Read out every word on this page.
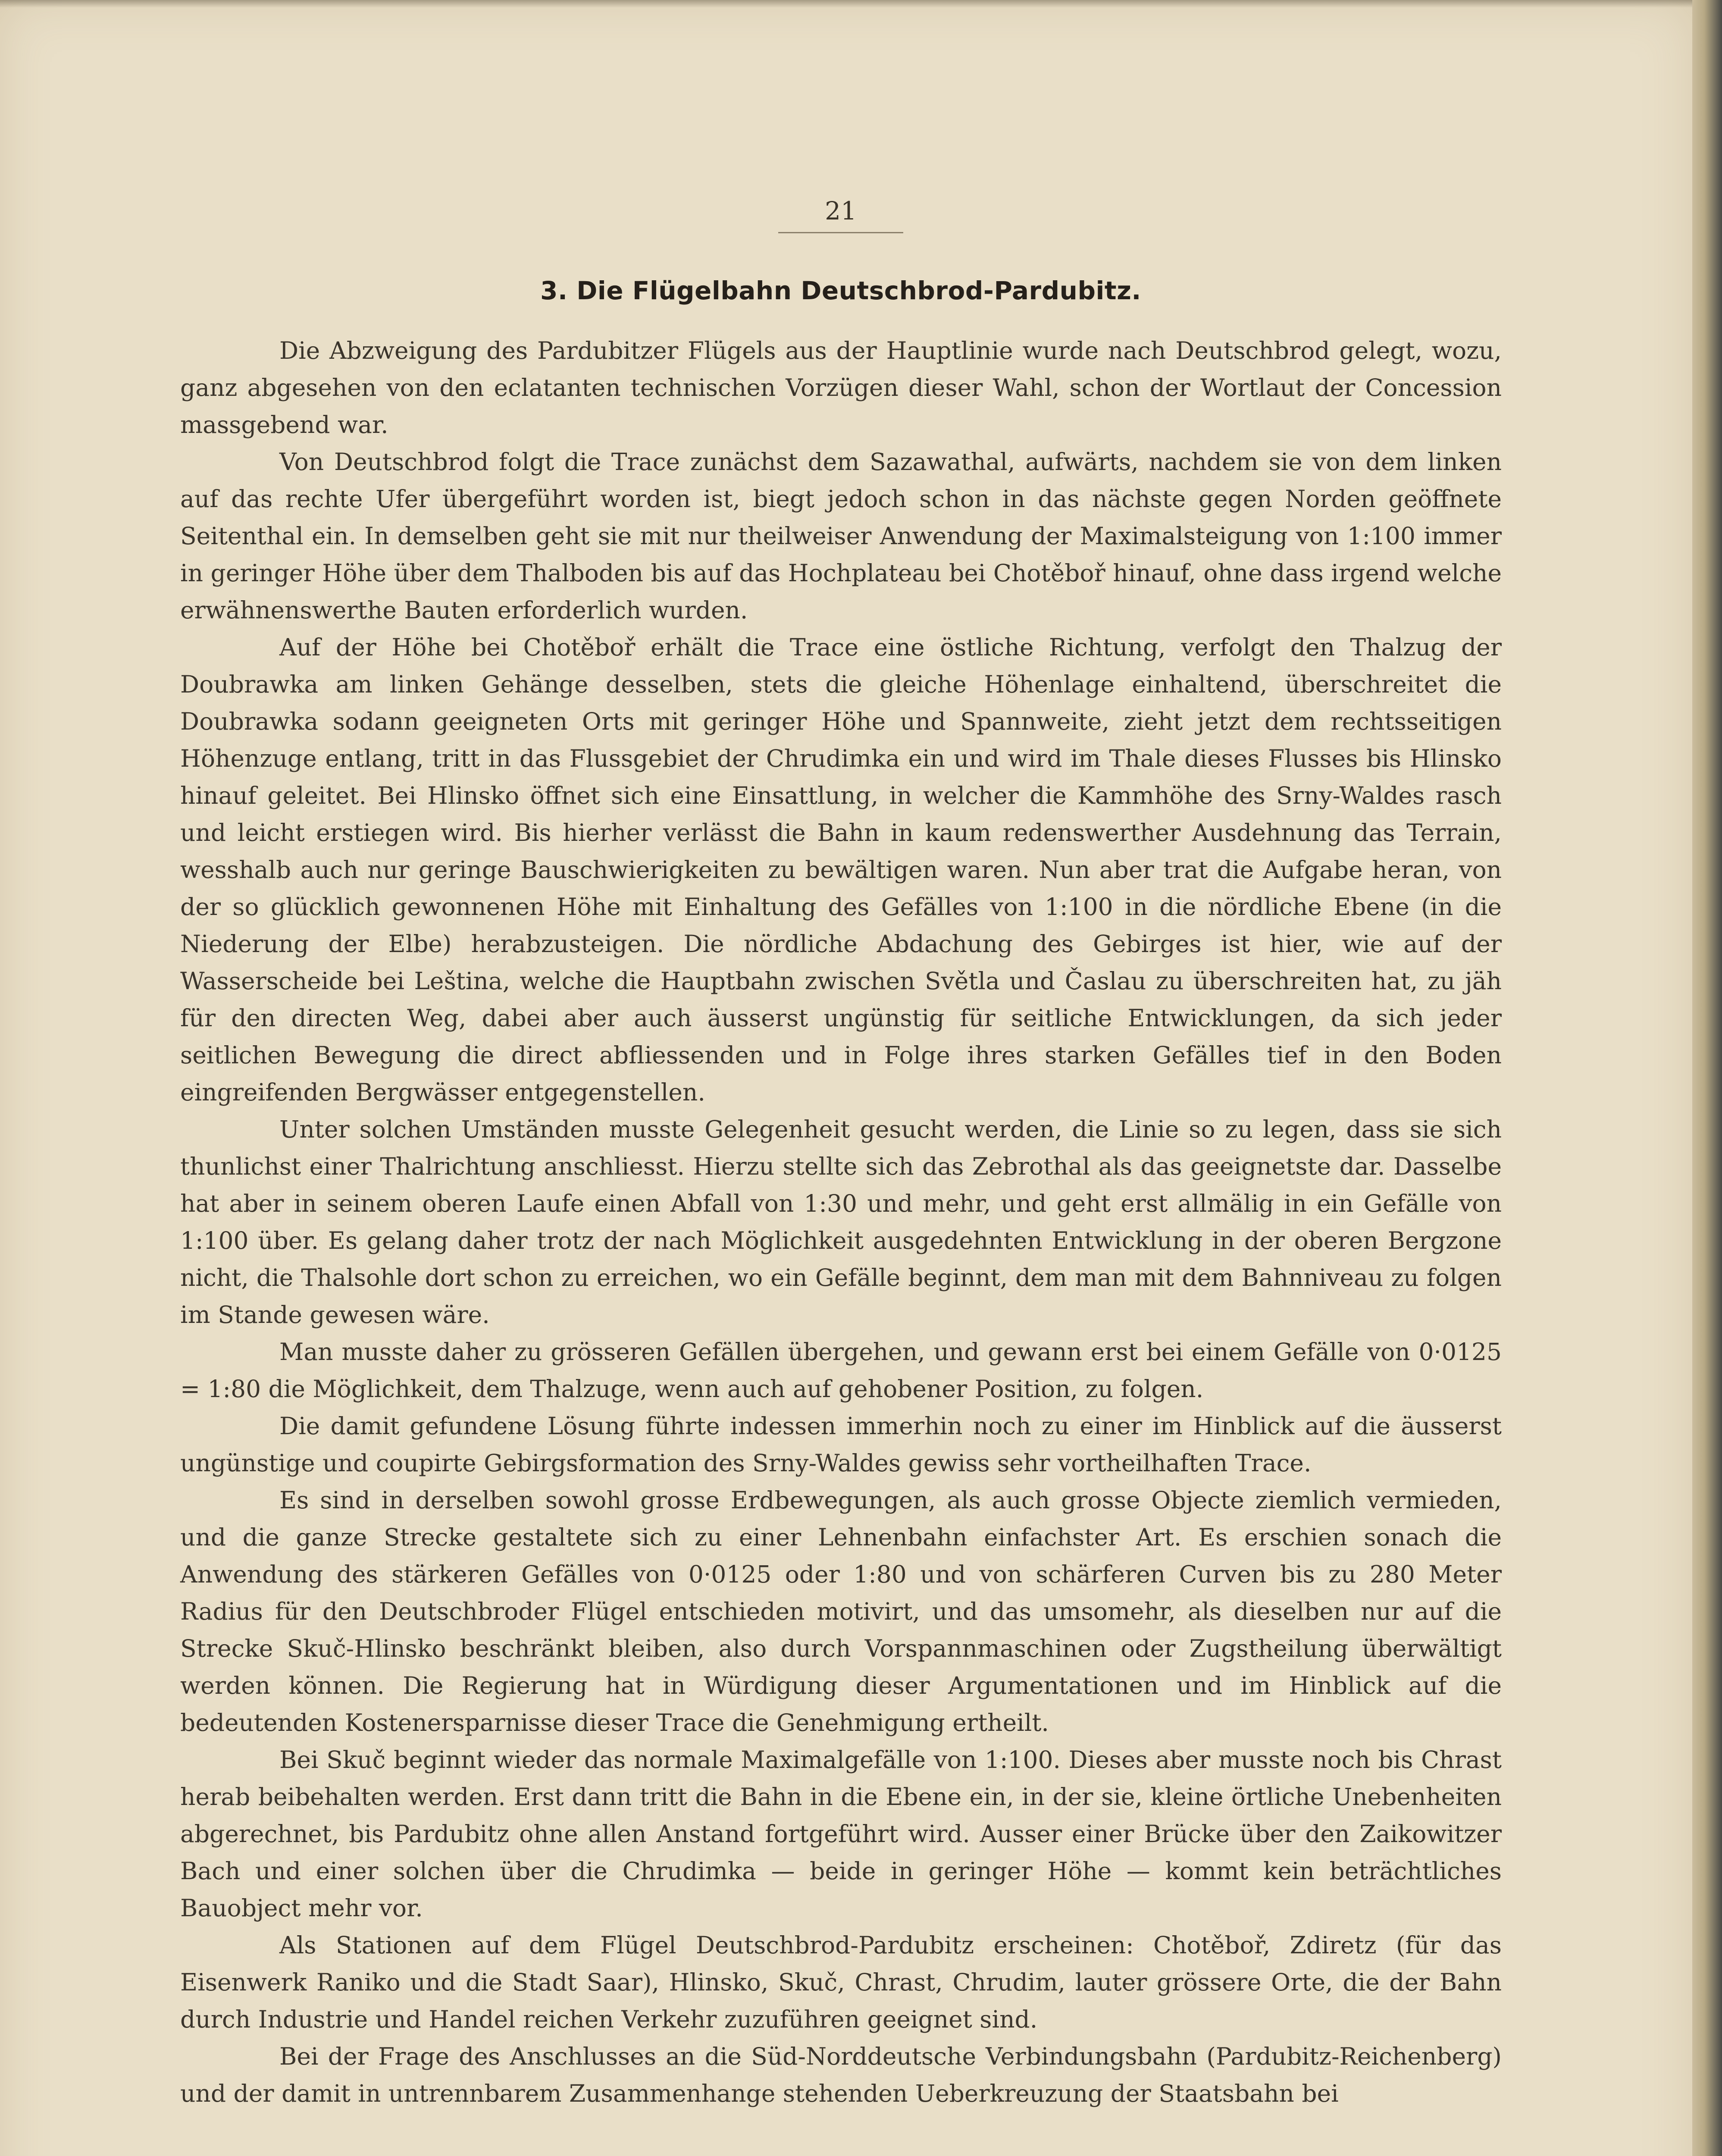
21
3. Die Flügelbahn Deutschbrod-Pardubitz.

Die Abzweigung des Pardubitzer Flügels aus der Hauptlinie wurde nach Deutschbrod gelegt, wozu, ganz abgesehen von den eclatanten technischen Vorzügen dieser Wahl, schon der Wortlaut der Concession massgebend war.

Von Deutschbrod folgt die Trace zunächst dem Sazawathal, aufwärts, nachdem sie von dem linken auf das rechte Ufer übergeführt worden ist, biegt jedoch schon in das nächste gegen Norden geöffnete Seitenthal ein. In demselben geht sie mit nur theilweiser Anwendung der Maximalsteigung von 1:100 immer in geringer Höhe über dem Thalboden bis auf das Hochplateau bei Chotěboř hinauf, ohne dass irgend welche erwähnenswerthe Bauten erforderlich wurden.

Auf der Höhe bei Chotěboř erhält die Trace eine östliche Richtung, verfolgt den Thalzug der Doubrawka am linken Gehänge desselben, stets die gleiche Höhenlage einhaltend, überschreitet die Doubrawka sodann geeigneten Orts mit geringer Höhe und Spannweite, zieht jetzt dem rechtsseitigen Höhenzuge entlang, tritt in das Flussgebiet der Chrudimka ein und wird im Thale dieses Flusses bis Hlinsko hinauf geleitet. Bei Hlinsko öffnet sich eine Einsattlung, in welcher die Kammhöhe des Srny-Waldes rasch und leicht erstiegen wird. Bis hierher verlässt die Bahn in kaum redenswerther Ausdehnung das Terrain, wesshalb auch nur geringe Bauschwierigkeiten zu bewältigen waren. Nun aber trat die Aufgabe heran, von der so glücklich gewonnenen Höhe mit Einhaltung des Gefälles von 1:100 in die nördliche Ebene (in die Niederung der Elbe) herabzusteigen. Die nördliche Abdachung des Gebirges ist hier, wie auf der Wasserscheide bei Leština, welche die Hauptbahn zwischen Světla und Časlau zu überschreiten hat, zu jäh für den directen Weg, dabei aber auch äusserst ungünstig für seitliche Entwicklungen, da sich jeder seitlichen Bewegung die direct abfliessenden und in Folge ihres starken Gefälles tief in den Boden eingreifenden Bergwässer entgegenstellen.

Unter solchen Umständen musste Gelegenheit gesucht werden, die Linie so zu legen, dass sie sich thunlichst einer Thalrichtung anschliesst. Hierzu stellte sich das Zebrothal als das geeignetste dar. Dasselbe hat aber in seinem oberen Laufe einen Abfall von 1:30 und mehr, und geht erst allmälig in ein Gefälle von 1:100 über. Es gelang daher trotz der nach Möglichkeit ausgedehnten Entwicklung in der oberen Bergzone nicht, die Thalsohle dort schon zu erreichen, wo ein Gefälle beginnt, dem man mit dem Bahnniveau zu folgen im Stande gewesen wäre.

Man musste daher zu grösseren Gefällen übergehen, und gewann erst bei einem Gefälle von 0·0125 = 1:80 die Möglichkeit, dem Thalzuge, wenn auch auf gehobener Position, zu folgen.

Die damit gefundene Lösung führte indessen immerhin noch zu einer im Hinblick auf die äusserst ungünstige und coupirte Gebirgsformation des Srny-Waldes gewiss sehr vortheilhaften Trace.

Es sind in derselben sowohl grosse Erdbewegungen, als auch grosse Objecte ziemlich vermieden, und die ganze Strecke gestaltete sich zu einer Lehnenbahn einfachster Art. Es erschien sonach die Anwendung des stärkeren Gefälles von 0·0125 oder 1:80 und von schärferen Curven bis zu 280 Meter Radius für den Deutschbroder Flügel entschieden motivirt, und das umsomehr, als dieselben nur auf die Strecke Skuč-Hlinsko beschränkt bleiben, also durch Vorspannmaschinen oder Zugstheilung überwältigt werden können. Die Regierung hat in Würdigung dieser Argumentationen und im Hinblick auf die bedeutenden Kostenersparnisse dieser Trace die Genehmigung ertheilt.

Bei Skuč beginnt wieder das normale Maximalgefälle von 1:100. Dieses aber musste noch bis Chrast herab beibehalten werden. Erst dann tritt die Bahn in die Ebene ein, in der sie, kleine örtliche Unebenheiten abgerechnet, bis Pardubitz ohne allen Anstand fortgeführt wird. Ausser einer Brücke über den Zaikowitzer Bach und einer solchen über die Chrudimka — beide in geringer Höhe — kommt kein beträchtliches Bauobject mehr vor.

Als Stationen auf dem Flügel Deutschbrod-Pardubitz erscheinen: Chotěboř, Zdiretz (für das Eisenwerk Raniko und die Stadt Saar), Hlinsko, Skuč, Chrast, Chrudim, lauter grössere Orte, die der Bahn durch Industrie und Handel reichen Verkehr zuzuführen geeignet sind.

Bei der Frage des Anschlusses an die Süd-Norddeutsche Verbindungsbahn (Pardubitz-Reichenberg) und der damit in untrennbarem Zusammenhange stehenden Ueberkreuzung der Staatsbahn bei
